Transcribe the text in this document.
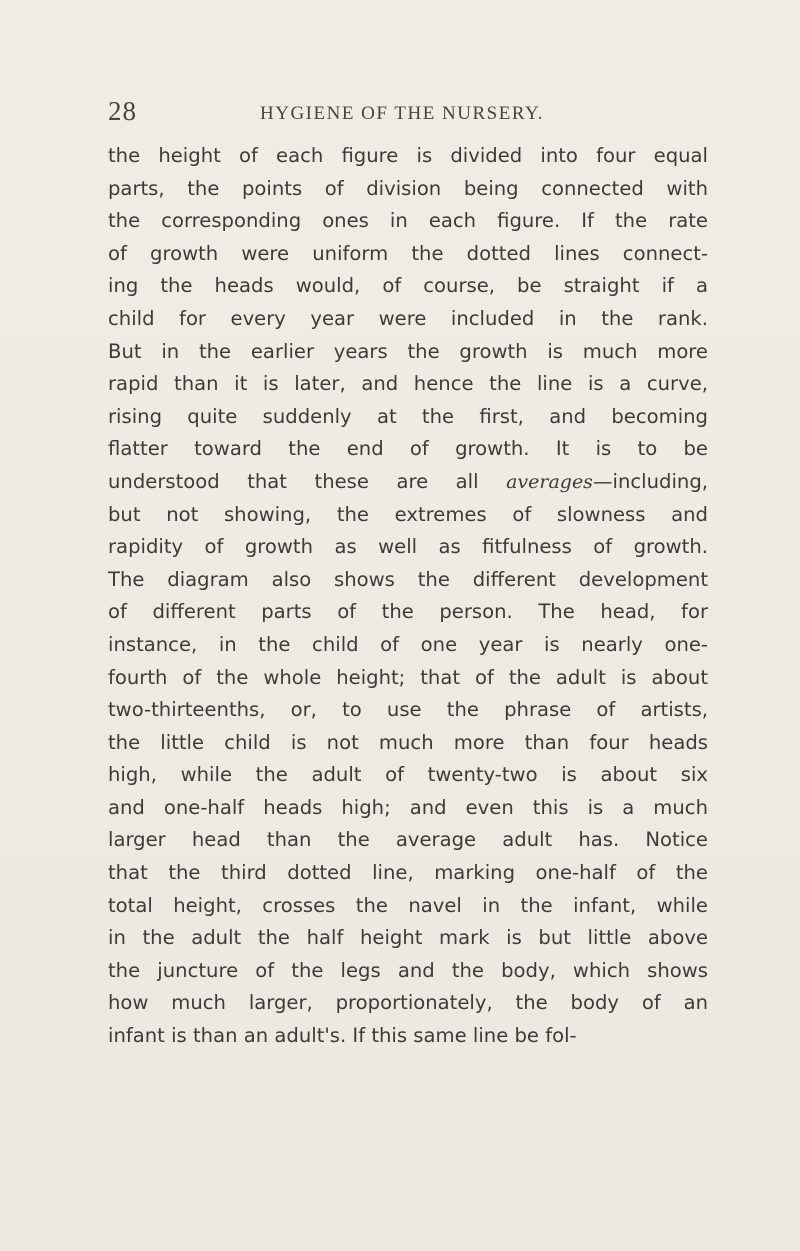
28	HYGIENE OF THE NURSERY.
the height of each figure is divided into four equal
parts, the points of division being connected with
the corresponding ones in each figure. If the rate
of growth were uniform the dotted lines connect-
ing the heads would, of course, be straight if a
child for every year were included in the rank.
But in the earlier years the growth is much more
rapid than it is later, and hence the line is a curve,
rising quite suddenly at the first, and becoming
flatter toward the end of growth. It is to be
understood that these are all averages—including,
but not showing, the extremes of slowness and
rapidity of growth as well as fitfulness of growth.
The diagram also shows the different development
of different parts of the person. The head, for
instance, in the child of one year is nearly one-
fourth of the whole height; that of the adult is about
two-thirteenths, or, to use the phrase of artists,
the little child is not much more than four heads
high, while the adult of twenty-two is about six
and one-half heads high; and even this is a much
larger head than the average adult has. Notice
that the third dotted line, marking one-half of the
total height, crosses the navel in the infant, while
in the adult the half height mark is but little above
the juncture of the legs and the body, which shows
how much larger, proportionately, the body of an
infant is than an adult's. If this same line be fol-
